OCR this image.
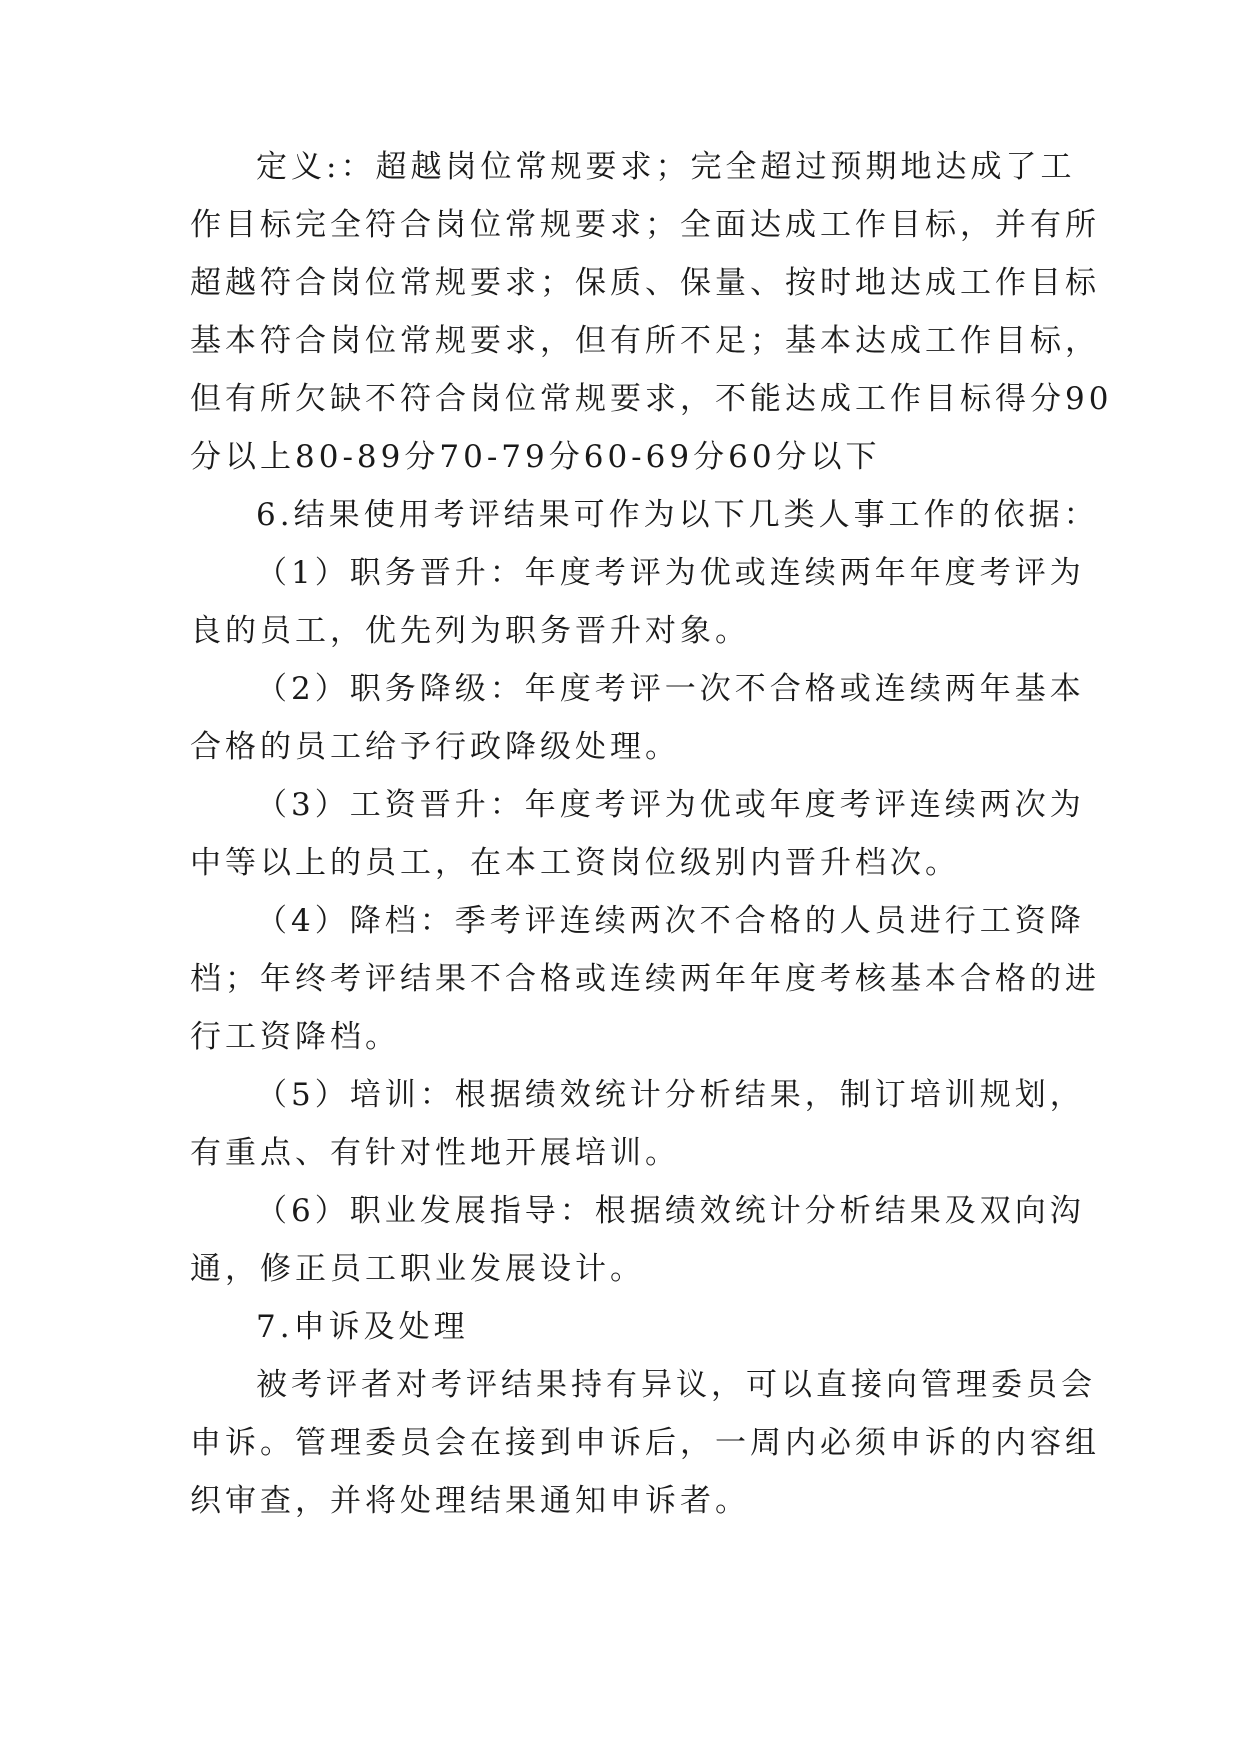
定义:：超越岗位常规要求；完全超过预期地达成了工
作目标完全符合岗位常规要求；全面达成工作目标，并有所
超越符合岗位常规要求；保质、保量、按时地达成工作目标
基本符合岗位常规要求，但有所不足；基本达成工作目标，
但有所欠缺不符合岗位常规要求，不能达成工作目标得分90
分以上80-89分70-79分60-69分60分以下
6.结果使用考评结果可作为以下几类人事工作的依据：
（1）职务晋升：年度考评为优或连续两年年度考评为
良的员工，优先列为职务晋升对象。
（2）职务降级：年度考评一次不合格或连续两年基本
合格的员工给予行政降级处理。
（3）工资晋升：年度考评为优或年度考评连续两次为
中等以上的员工，在本工资岗位级别内晋升档次。
（4）降档：季考评连续两次不合格的人员进行工资降
档；年终考评结果不合格或连续两年年度考核基本合格的进
行工资降档。
（5）培训：根据绩效统计分析结果，制订培训规划，
有重点、有针对性地开展培训。
（6）职业发展指导：根据绩效统计分析结果及双向沟
通，修正员工职业发展设计。
7.申诉及处理
被考评者对考评结果持有异议，可以直接向管理委员会
申诉。管理委员会在接到申诉后，一周内必须申诉的内容组
织审查，并将处理结果通知申诉者。
